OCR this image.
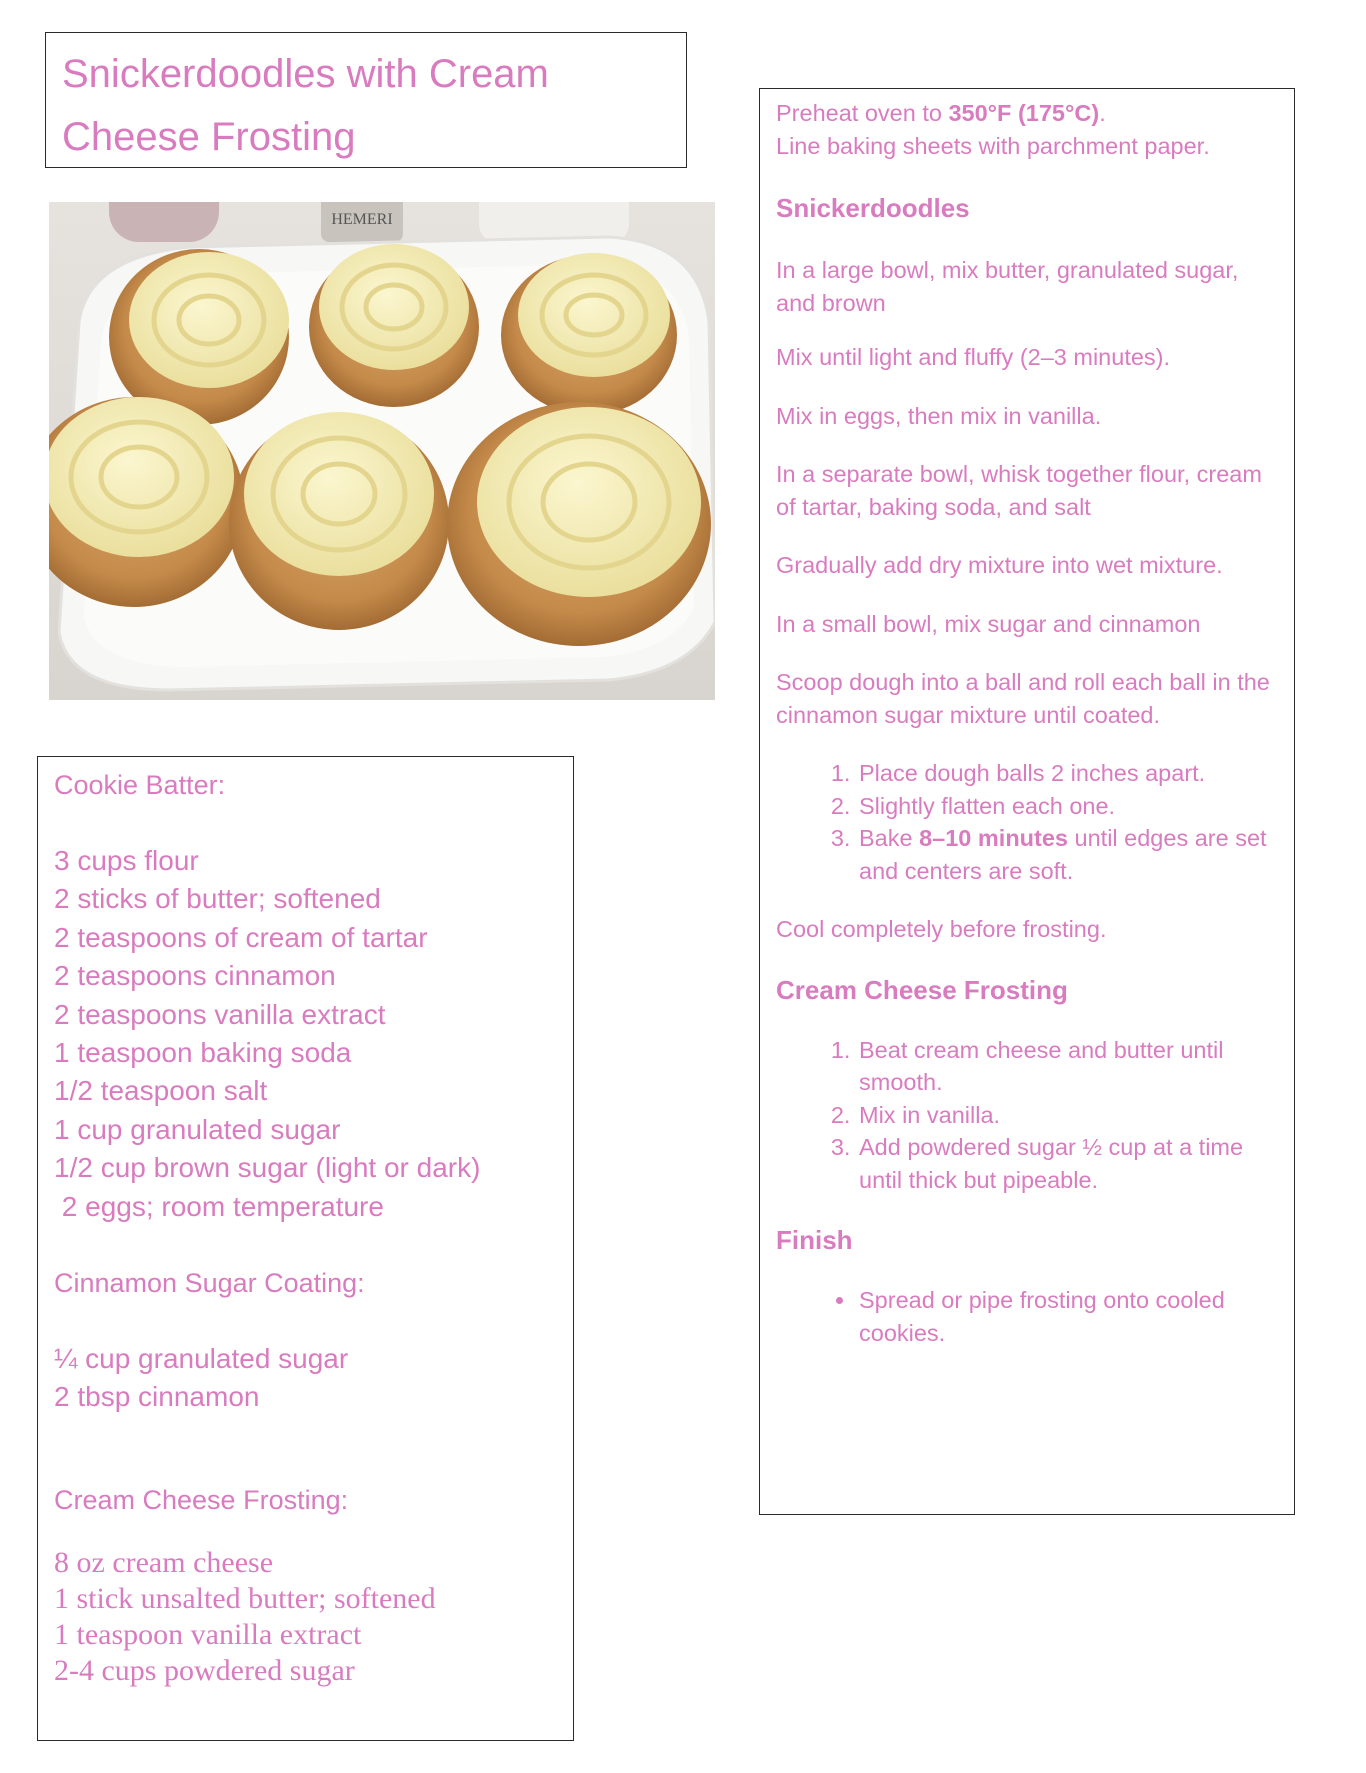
Snickerdoodles with Cream
Cheese Frosting
HEMERI

Cookie Batter:

3 cups flour
2 sticks of butter; softened
2 teaspoons of cream of tartar
2 teaspoons cinnamon
2 teaspoons vanilla extract
1 teaspoon baking soda
1/2 teaspoon salt
1 cup granulated sugar
1/2 cup brown sugar (light or dark)
2 eggs; room temperature

Cinnamon Sugar Coating:

¼ cup granulated sugar
2 tbsp cinnamon

Cream Cheese Frosting:

8 oz cream cheese
1 stick unsalted butter; softened
1 teaspoon vanilla extract
2-4 cups powdered sugar

Preheat oven to 350°F (175°C).

Line baking sheets with parchment paper.

Snickerdoodles

In a large bowl, mix butter, granulated sugar, and brown

Mix until light and fluffy (2–3 minutes).

Mix in eggs, then mix in vanilla.

In a separate bowl, whisk together flour, cream of tartar, baking soda, and salt

Gradually add dry mixture into wet mixture.

In a small bowl, mix sugar and cinnamon

Scoop dough into a ball and roll each ball in the cinnamon sugar mixture until coated.

1. Place dough balls 2 inches apart.
2. Slightly flatten each one.
3. Bake 8–10 minutes until edges are set and centers are soft.

Cool completely before frosting.

Cream Cheese Frosting
1. Beat cream cheese and butter until smooth.
2. Mix in vanilla.
3. Add powdered sugar ½ cup at a time until thick but pipeable.
Finish
• Spread or pipe frosting onto cooled cookies.
